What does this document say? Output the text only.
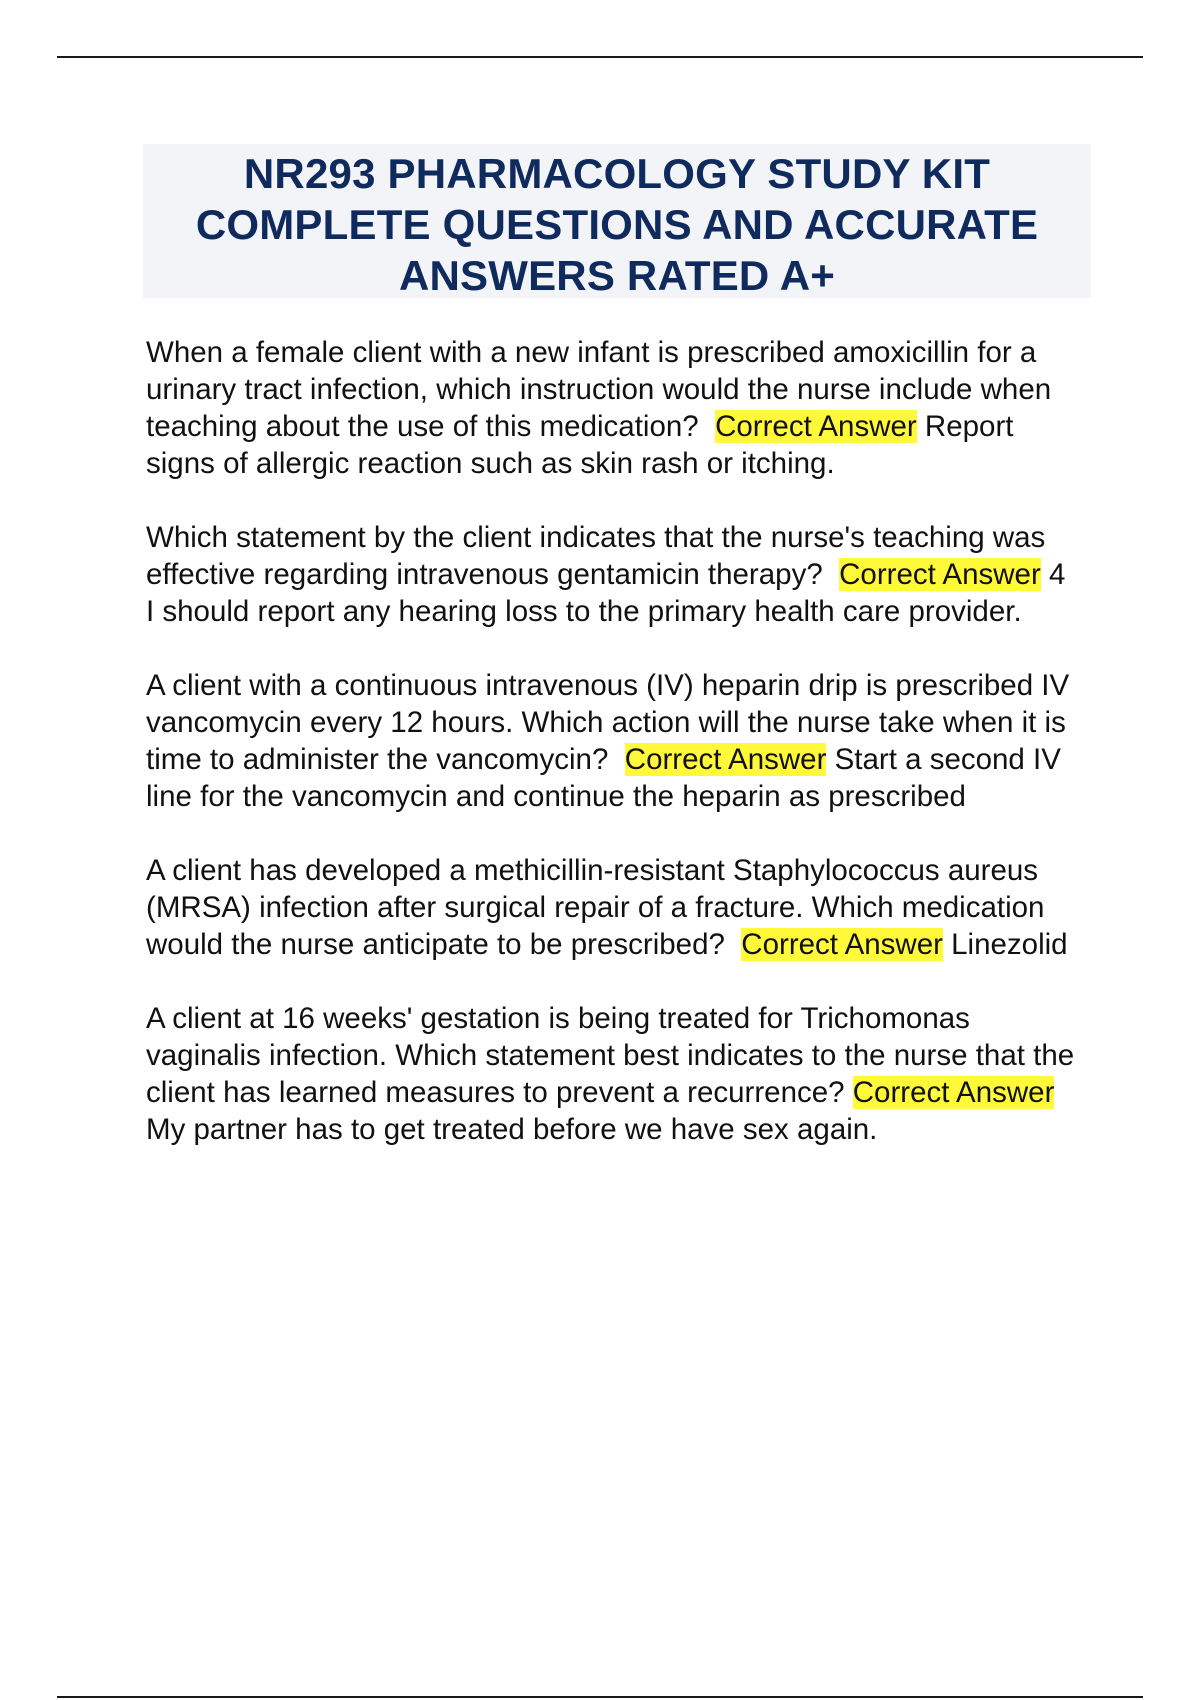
NR293 PHARMACOLOGY STUDY KIT
COMPLETE QUESTIONS AND ACCURATE
ANSWERS RATED A+

When a female client with a new infant is prescribed amoxicillin for a urinary tract infection, which instruction would the nurse include when teaching about the use of this medication?  Correct Answer Report signs of allergic reaction such as skin rash or itching.

Which statement by the client indicates that the nurse's teaching was effective regarding intravenous gentamicin therapy?  Correct Answer 4
I should report any hearing loss to the primary health care provider.

A client with a continuous intravenous (IV) heparin drip is prescribed IV vancomycin every 12 hours. Which action will the nurse take when it is time to administer the vancomycin?  Correct Answer Start a second IV line for the vancomycin and continue the heparin as prescribed

A client has developed a methicillin-resistant Staphylococcus aureus (MRSA) infection after surgical repair of a fracture. Which medication would the nurse anticipate to be prescribed?  Correct Answer Linezolid

A client at 16 weeks' gestation is being treated for Trichomonas vaginalis infection. Which statement best indicates to the nurse that the client has learned measures to prevent a recurrence? Correct Answer My partner has to get treated before we have sex again.
